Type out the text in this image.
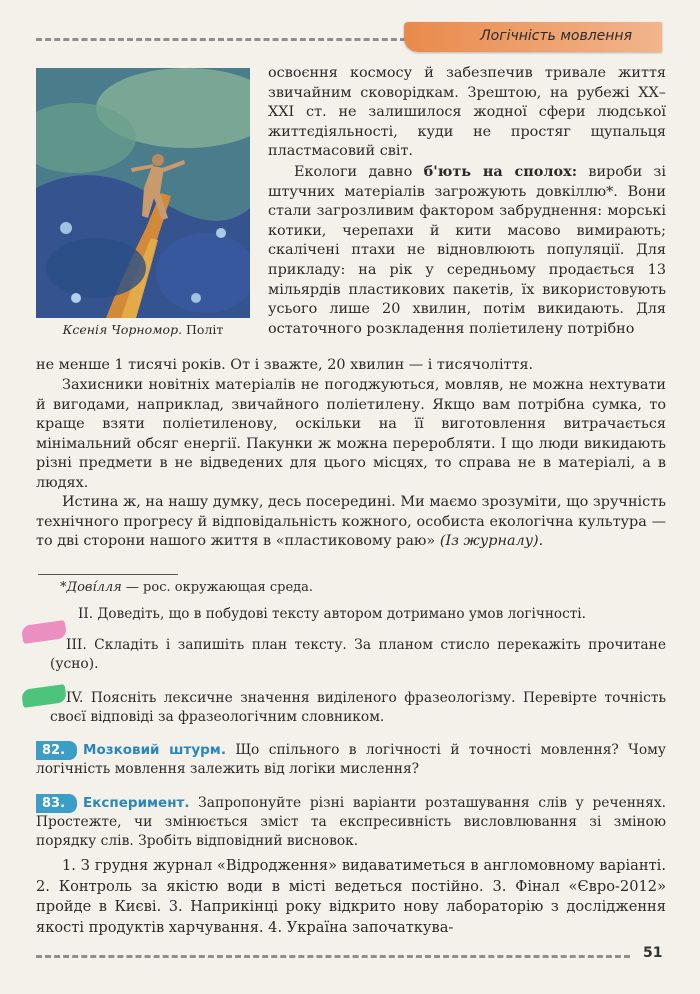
Логічність мовлення
Ксенія Чорномор. Політ
освоєння космосу й забезпечив тривале життя звичайним сковорідкам. Зрештою, на рубежі XX–XXI ст. не залишилося жодної сфери людської життєдіяльності, куди не простяг щупальця пластмасовий світ.
Екологи давно б'ють на сполох: вироби зі штучних матеріалів загрожують довкіллю*. Вони стали загрозливим фактором забруднення: морські котики, черепахи й кити масово вимирають; скалічені птахи не відновлюють популяції. Для прикладу: на рік у середньому продається 13 мільярдів пластикових пакетів, їх використовують усього лише 20 хвилин, потім викидають. Для остаточного розкладення поліетилену потрібно
не менше 1 тисячі років. От і зважте, 20 хвилин — і тисячоліття.
Захисники новітніх матеріалів не погоджуються, мовляв, не можна нехтувати й вигодами, наприклад, звичайного поліетилену. Якщо вам потрібна сумка, то краще взяти поліетиленову, оскільки на її виготовлення витрачається мінімальний обсяг енергії. Пакунки ж можна переробляти. І що люди викидають різні предмети в не відведених для цього місцях, то справа не в матеріалі, а в людях.
Истина ж, на нашу думку, десь посередині. Ми маємо зрозуміти, що зручність технічного прогресу й відповідальність кожного, особиста екологічна культура — то дві сторони нашого життя в «пластиковому раю» (Із журналу).
*Дові́лля — рос. окружающая среда.
II. Доведіть, що в побудові тексту автором дотримано умов логічності.
III. Складіть і запишіть план тексту. За планом стисло перекажіть прочитане (усно).
IV. Поясніть лексичне значення виділеного фразеологізму. Перевірте точність своєї відповіді за фразеологічним словником.
82. Мозковий штурм. Що спільного в логічності й точності мовлення? Чому логічність мовлення залежить від логіки мислення?
83. Експеримент. Запропонуйте різні варіанти розташування слів у реченнях. Простежте, чи змінюється зміст та експресивність висловлювання зі зміною порядку слів. Зробіть відповідний висновок.
1. З грудня журнал «Відродження» видаватиметься в англомовному варіанті. 2. Контроль за якістю води в місті ведеться постійно. 3. Фінал «Євро-2012» пройде в Києві. 3. Наприкінці року відкрито нову лабораторію з дослідження якості продуктів харчування. 4. Україна започаткува-
51
